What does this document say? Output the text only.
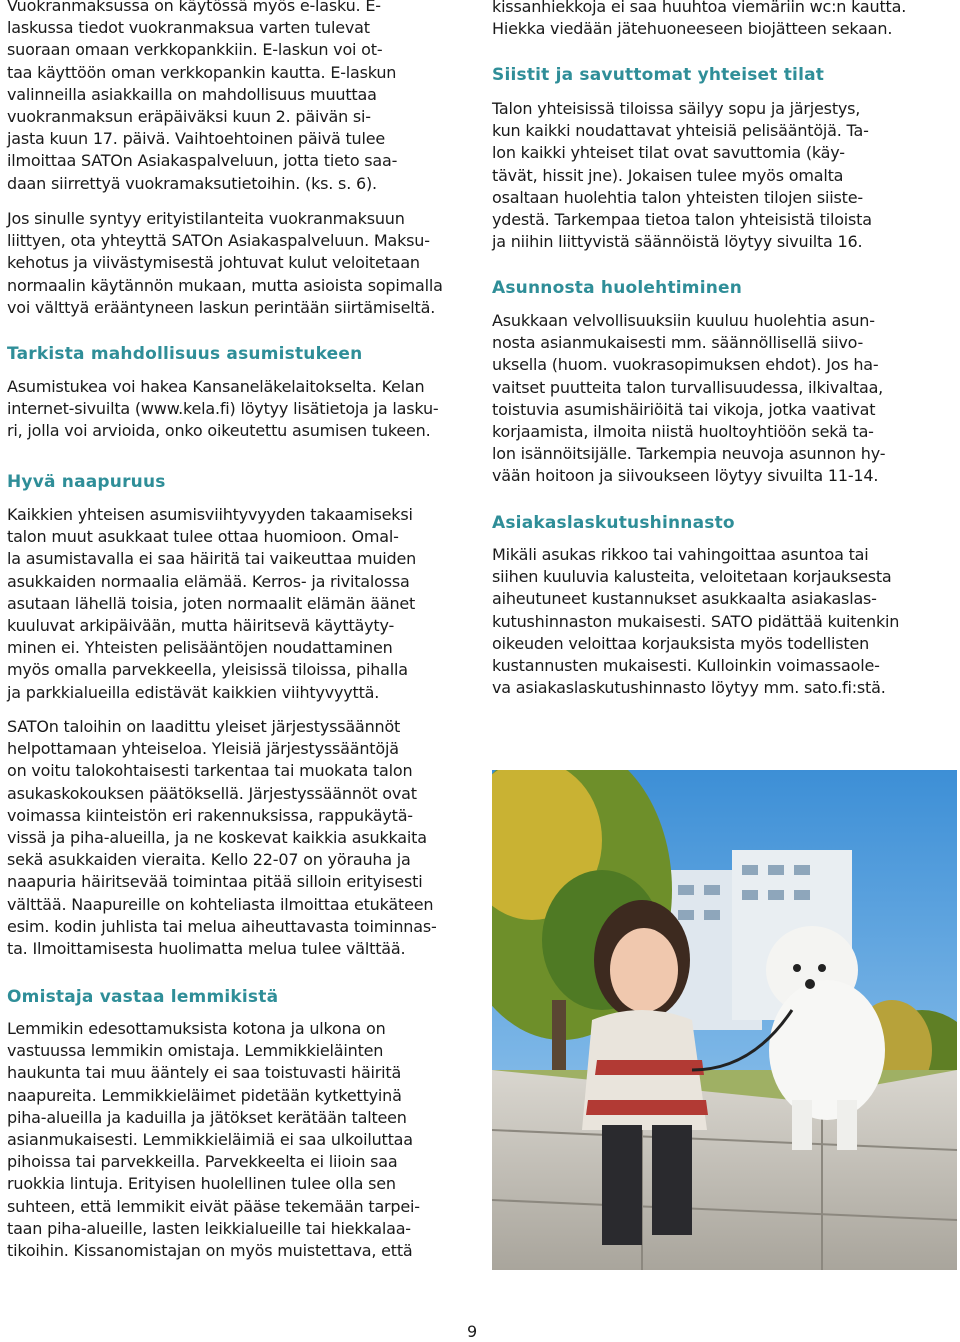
Vuokranmaksussa on käytössä myös e-lasku. E-

laskussa tiedot vuokranmaksua varten tulevat

suoraan omaan verkkopankkiin. E-laskun voi ot-

taa käyttöön oman verkkopankin kautta. E-laskun

valinneilla asiakkailla on mahdollisuus muuttaa

vuokranmaksun eräpäiväksi kuun 2. päivän si-

jasta kuun 17. päivä. Vaihtoehtoinen päivä tulee

ilmoittaa SATOn Asiakaspalveluun, jotta tieto saa-

daan siirrettyä vuokramaksutietoihin. (ks. s. 6).

Jos sinulle syntyy erityistilanteita vuokranmaksuun

liittyen, ota yhteyttä SATOn Asiakaspalveluun. Maksu-

kehotus ja viivästymisestä johtuvat kulut veloitetaan

normaalin käytännön mukaan, mutta asioista sopimalla

voi välttyä erääntyneen laskun perintään siirtämiseltä.

Tarkista mahdollisuus asumistukeen

Asumistukea voi hakea Kansaneläkelaitokselta. Kelan

internet-sivuilta (www.kela.fi) löytyy lisätietoja ja lasku-

ri, jolla voi arvioida, onko oikeutettu asumisen tukeen.

Hyvä naapuruus

Kaikkien yhteisen asumisviihtyvyyden takaamiseksi

talon muut asukkaat tulee ottaa huomioon. Omal-

la asumistavalla ei saa häiritä tai vaikeuttaa muiden

asukkaiden normaalia elämää. Kerros- ja rivitalossa

asutaan lähellä toisia, joten normaalit elämän äänet

kuuluvat arkipäivään, mutta häiritsevä käyttäyty-

minen ei. Yhteisten pelisääntöjen noudattaminen

myös omalla parvekkeella, yleisissä tiloissa, pihalla

ja parkkialueilla edistävät kaikkien viihtyvyyttä.

SATOn taloihin on laadittu yleiset järjestyssäännöt

helpottamaan yhteiseloa. Yleisiä järjestyssääntöjä

on voitu talokohtaisesti tarkentaa tai muokata talon

asukaskokouksen päätöksellä. Järjestyssäännöt ovat

voimassa kiinteistön eri rakennuksissa, rappukäytä-

vissä ja piha-alueilla, ja ne koskevat kaikkia asukkaita

sekä asukkaiden vieraita. Kello 22-07 on yörauha ja

naapuria häiritsevää toimintaa pitää silloin erityisesti

välttää. Naapureille on kohteliasta ilmoittaa etukäteen

esim. kodin juhlista tai melua aiheuttavasta toiminnas-

ta. Ilmoittamisesta huolimatta melua tulee välttää.

Omistaja vastaa lemmikistä

Lemmikin edesottamuksista kotona ja ulkona on

vastuussa lemmikin omistaja. Lemmikkieläinten

haukunta tai muu ääntely ei saa toistuvasti häiritä

naapureita. Lemmikkieläimet pidetään kytkettyinä

piha-alueilla ja kaduilla ja jätökset kerätään talteen

asianmukaisesti. Lemmikkieläimiä ei saa ulkoiluttaa

pihoissa tai parvekkeilla. Parvekkeelta ei liioin saa

ruokkia lintuja. Erityisen huolellinen tulee olla sen

suhteen, että lemmikit eivät pääse tekemään tarpei-

taan piha-alueille, lasten leikkialueille tai hiekkalaa-

tikoihin. Kissanomistajan on myös muistettava, että

kissanhiekkoja ei saa huuhtoa viemäriin wc:n kautta.

Hiekka viedään jätehuoneeseen biojätteen sekaan.

Siistit ja savuttomat yhteiset tilat

Talon yhteisissä tiloissa säilyy sopu ja järjestys,

kun kaikki noudattavat yhteisiä pelisääntöjä. Ta-

lon kaikki yhteiset tilat ovat savuttomia (käy-

tävät, hissit jne). Jokaisen tulee myös omalta

osaltaan huolehtia talon yhteisten tilojen siiste-

ydestä. Tarkempaa tietoa talon yhteisistä tiloista

ja niihin liittyvistä säännöistä löytyy sivuilta 16.

Asunnosta huolehtiminen

Asukkaan velvollisuuksiin kuuluu huolehtia asun-

nosta asianmukaisesti mm. säännöllisellä siivo-

uksella (huom. vuokrasopimuksen ehdot). Jos ha-

vaitset puutteita talon turvallisuudessa, ilkivaltaa,

toistuvia asumishäiriöitä tai vikoja, jotka vaativat

korjaamista, ilmoita niistä huoltoyhtiöön sekä ta-

lon isännöitsijälle. Tarkempia neuvoja asunnon hy-

vään hoitoon ja siivoukseen löytyy sivuilta 11-14.

Asiakaslaskutushinnasto

Mikäli asukas rikkoo tai vahingoittaa asuntoa tai

siihen kuuluvia kalusteita, veloitetaan korjauksesta

aiheutuneet kustannukset asukkaalta asiakaslas-

kutushinnaston mukaisesti. SATO pidättää kuitenkin

oikeuden veloittaa korjauksista myös todellisten

kustannusten mukaisesti. Kulloinkin voimassaole-

va asiakaslaskutushinnasto löytyy mm. sato.fi:stä.

9
